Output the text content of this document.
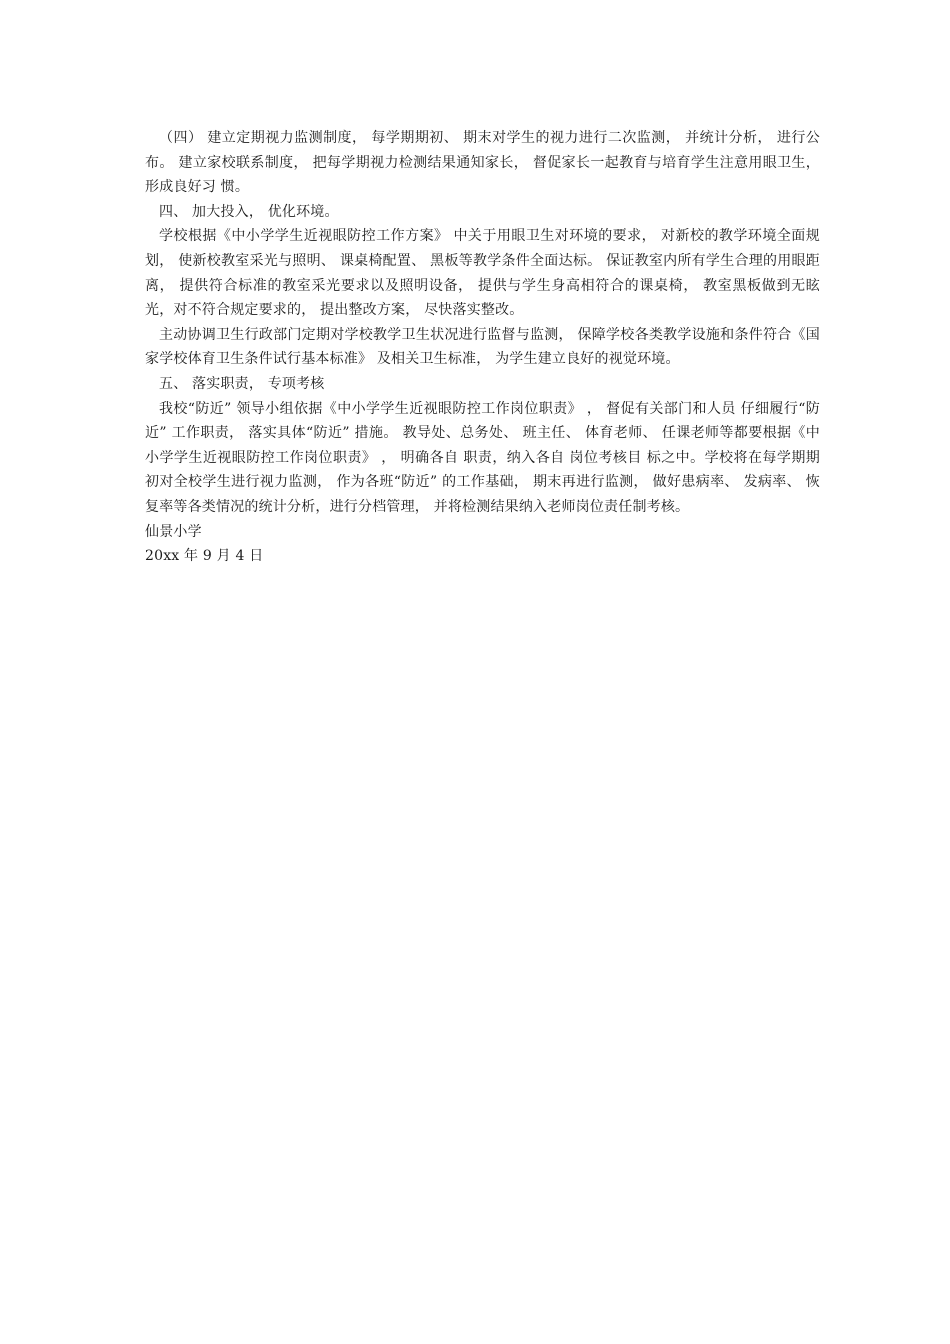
（四） 建立定期视力监测制度， 每学期期初、 期末对学生的视力进行二次监测， 并统计分析， 进行公布。 建立家校联系制度， 把每学期视力检测结果通知家长， 督促家长一起教育与培育学生注意用眼卫生， 形成良好习 惯。

四、 加大投入， 优化环境。

学校根据《中小学学生近视眼防控工作方案》 中关于用眼卫生对环境的要求， 对新校的教学环境全面规划， 使新校教室采光与照明、 课桌椅配置、 黑板等教学条件全面达标。 保证教室内所有学生合理的用眼距离， 提供符合标准的教室采光要求以及照明设备， 提供与学生身高相符合的课桌椅， 教室黑板做到无眩光，对不符合规定要求的， 提出整改方案， 尽快落实整改。

主动协调卫生行政部门定期对学校教学卫生状况进行监督与监测， 保障学校各类教学设施和条件符合《国家学校体育卫生条件试行基本标准》 及相关卫生标准， 为学生建立良好的视觉环境。

五、 落实职责， 专项考核

我校“防近” 领导小组依据《中小学学生近视眼防控工作岗位职责》 ， 督促有关部门和人员 仔细履行“防近” 工作职责， 落实具体“防近” 措施。 教导处、总务处、 班主任、 体育老师、 任课老师等都要根据《中小学学生近视眼防控工作岗位职责》 ， 明确各自 职责，纳入各自 岗位考核目 标之中。学校将在每学期期初对全校学生进行视力监测， 作为各班“防近” 的工作基础， 期末再进行监测， 做好患病率、 发病率、 恢复率等各类情况的统计分析，进行分档管理， 并将检测结果纳入老师岗位责任制考核。

仙景小学

20xx 年 9 月 4 日
